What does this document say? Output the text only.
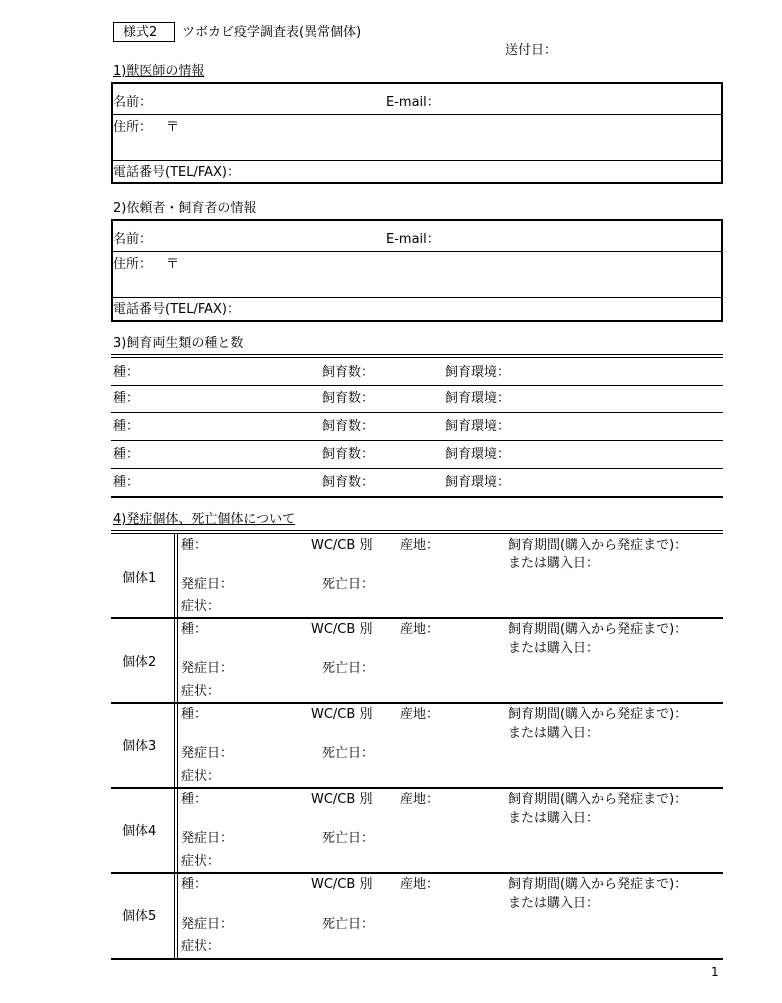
様式2 ツボカビ疫学調査表(異常個体)
送付日：
1)獣医師の情報
名前：	E-mail：
住所： 〒
電話番号(TEL/FAX)：
2)依頼者・飼育者の情報
名前：	E-mail：
住所： 〒
電話番号(TEL/FAX)：
3)飼育両生類の種と数
種：	飼育数：	飼育環境：
種：	飼育数：	飼育環境：
種：	飼育数：	飼育環境：
種：	飼育数：	飼育環境：
種：	飼育数：	飼育環境：
4)発症個体、死亡個体について
個体1
種：	WC/CB 別 産地：	飼育期間(購入から発症まで)：
または購入日：
発症日：	死亡日：
症状：
個体2
種：	WC/CB 別 産地：	飼育期間(購入から発症まで)：
または購入日：
発症日：	死亡日：
症状：
個体3
種：	WC/CB 別 産地：	飼育期間(購入から発症まで)：
または購入日：
発症日：	死亡日：
症状：
個体4
種：	WC/CB 別 産地：	飼育期間(購入から発症まで)：
または購入日：
発症日：	死亡日：
症状：
個体5
種：	WC/CB 別 産地：	飼育期間(購入から発症まで)：
または購入日：
発症日：	死亡日：
症状：
1
